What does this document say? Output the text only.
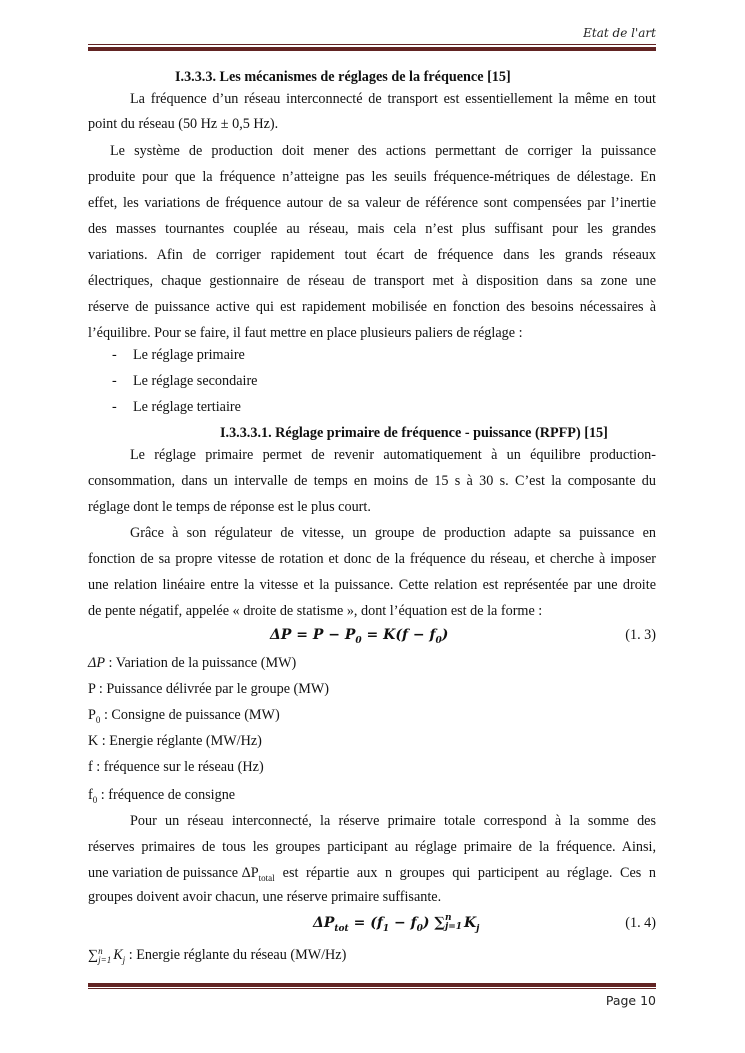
Etat de l'art
I.3.3.3. Les mécanismes de réglages de la fréquence [15]
La fréquence d’un réseau interconnecté de transport est essentiellement la même en tout
point du réseau (50 Hz ± 0,5 Hz).
Le système de production doit mener des actions permettant de corriger la puissance
produite pour que la fréquence n’atteigne pas les seuils fréquence-métriques de délestage. En
effet, les variations de fréquence autour de sa valeur de référence sont compensées par l’inertie
des masses tournantes couplée au réseau, mais cela n’est plus suffisant pour les grandes
variations. Afin de corriger rapidement tout écart de fréquence dans les grands réseaux
électriques, chaque gestionnaire de réseau de transport met à disposition dans sa zone une
réserve de puissance active qui est rapidement mobilisée en fonction des besoins nécessaires à
l’équilibre. Pour se faire, il faut mettre en place plusieurs paliers de réglage :
- Le réglage primaire
- Le réglage secondaire
- Le réglage tertiaire
I.3.3.3.1. Réglage primaire de fréquence - puissance (RPFP) [15]
Le réglage primaire permet de revenir automatiquement à un équilibre production-
consommation, dans un intervalle de temps en moins de 15 s à 30 s. C’est la composante du
réglage dont le temps de réponse est le plus court.
Grâce à son régulateur de vitesse, un groupe de production adapte sa puissance en
fonction de sa propre vitesse de rotation et donc de la fréquence du réseau, et cherche à imposer
une relation linéaire entre la vitesse et la puissance. Cette relation est représentée par une droite
de pente négatif, appelée « droite de statisme », dont l’équation est de la forme :
$\Delta P = P - P_0 = K(f - f_0)$	(1. 3)
ΔP : Variation de la puissance (MW)
P : Puissance délivrée par le groupe (MW)
$P_0$ : Consigne de puissance (MW)
K : Energie réglante (MW/Hz)
f : fréquence sur le réseau (Hz)
$f_0$ : fréquence de consigne
Pour un réseau interconnecté, la réserve primaire totale correspond à la somme des
réserves primaires de tous les groupes participant au réglage primaire de la fréquence. Ainsi,
une variation de puissance $\Delta P_{total}$ est répartie aux n groupes qui participent au réglage. Ces n
groupes doivent avoir chacun, une réserve primaire suffisante.
$\Delta P_{tot} = (f_1 - f_0)$ ∑n
j=1 $K_j$	(1. 4)
∑n
j=1 $K_j$ : Energie réglante du réseau (MW/Hz)
Page 10
